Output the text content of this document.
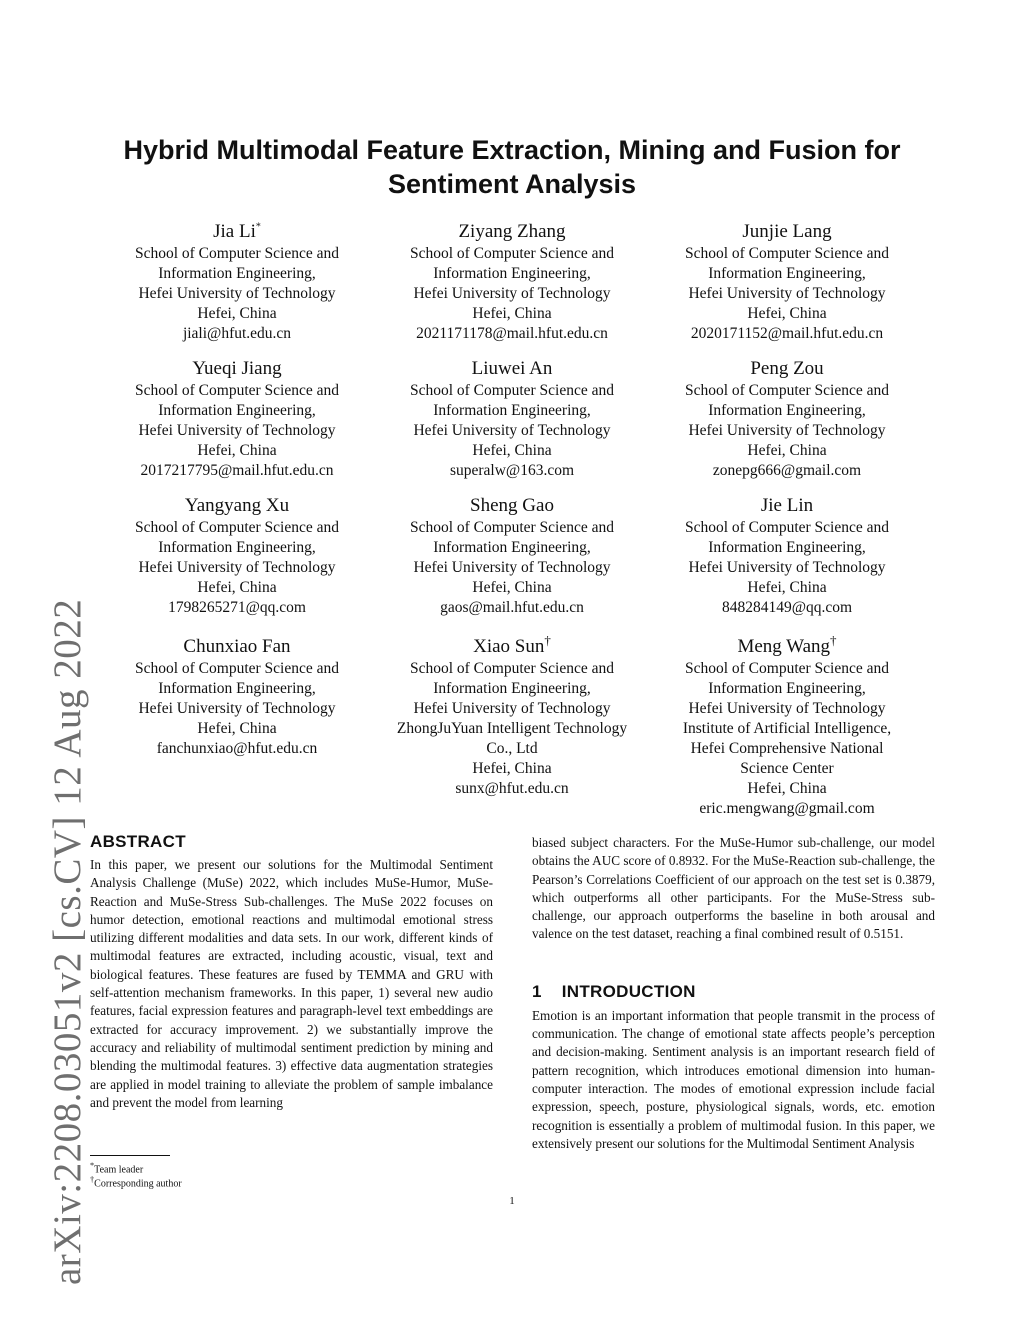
arXiv:2208.03051v2 [cs.CV] 12 Aug 2022
Hybrid Multimodal Feature Extraction, Mining and Fusion for
Sentiment Analysis
Jia Li*
School of Computer Science and
Information Engineering,
Hefei University of Technology
Hefei, China
jiali@hfut.edu.cn
Ziyang Zhang
School of Computer Science and
Information Engineering,
Hefei University of Technology
Hefei, China
2021171178@mail.hfut.edu.cn
Junjie Lang
School of Computer Science and
Information Engineering,
Hefei University of Technology
Hefei, China
2020171152@mail.hfut.edu.cn
Yueqi Jiang
School of Computer Science and
Information Engineering,
Hefei University of Technology
Hefei, China
2017217795@mail.hfut.edu.cn
Liuwei An
School of Computer Science and
Information Engineering,
Hefei University of Technology
Hefei, China
superalw@163.com
Peng Zou
School of Computer Science and
Information Engineering,
Hefei University of Technology
Hefei, China
zonepg666@gmail.com
Yangyang Xu
School of Computer Science and
Information Engineering,
Hefei University of Technology
Hefei, China
1798265271@qq.com
Sheng Gao
School of Computer Science and
Information Engineering,
Hefei University of Technology
Hefei, China
gaos@mail.hfut.edu.cn
Jie Lin
School of Computer Science and
Information Engineering,
Hefei University of Technology
Hefei, China
848284149@qq.com
Chunxiao Fan
School of Computer Science and
Information Engineering,
Hefei University of Technology
Hefei, China
fanchunxiao@hfut.edu.cn
Xiao Sun†
School of Computer Science and
Information Engineering,
Hefei University of Technology
ZhongJuYuan Intelligent Technology
Co., Ltd
Hefei, China
sunx@hfut.edu.cn
Meng Wang†
School of Computer Science and
Information Engineering,
Hefei University of Technology
Institute of Artificial Intelligence,
Hefei Comprehensive National
Science Center
Hefei, China
eric.mengwang@gmail.com
ABSTRACT
In this paper, we present our solutions for the Multimodal Sentiment Analysis Challenge (MuSe) 2022, which includes MuSe-Humor, MuSe-Reaction and MuSe-Stress Sub-challenges. The MuSe 2022 focuses on humor detection, emotional reactions and multimodal emotional stress utilizing different modalities and data sets. In our work, different kinds of multimodal features are extracted, including acoustic, visual, text and biological features. These features are fused by TEMMA and GRU with self-attention mechanism frameworks. In this paper, 1) several new audio features, facial expression features and paragraph-level text embeddings are extracted for accuracy improvement. 2) we substantially improve the accuracy and reliability of multimodal sentiment prediction by mining and blending the multimodal features. 3) effective data augmentation strategies are applied in model training to alleviate the problem of sample imbalance and prevent the model from learning
biased subject characters. For the MuSe-Humor sub-challenge, our model obtains the AUC score of 0.8932. For the MuSe-Reaction sub-challenge, the Pearson’s Correlations Coefficient of our approach on the test set is 0.3879, which outperforms all other participants. For the MuSe-Stress sub-challenge, our approach outperforms the baseline in both arousal and valence on the test dataset, reaching a final combined result of 0.5151.
1 INTRODUCTION
Emotion is an important information that people transmit in the process of communication. The change of emotional state affects people’s perception and decision-making. Sentiment analysis is an important research field of pattern recognition, which introduces emotional dimension into human-computer interaction. The modes of emotional expression include facial expression, speech, posture, physiological signals, words, etc. emotion recognition is essentially a problem of multimodal fusion. In this paper, we extensively present our solutions for the Multimodal Sentiment Analysis
*Team leader
†Corresponding author
1
